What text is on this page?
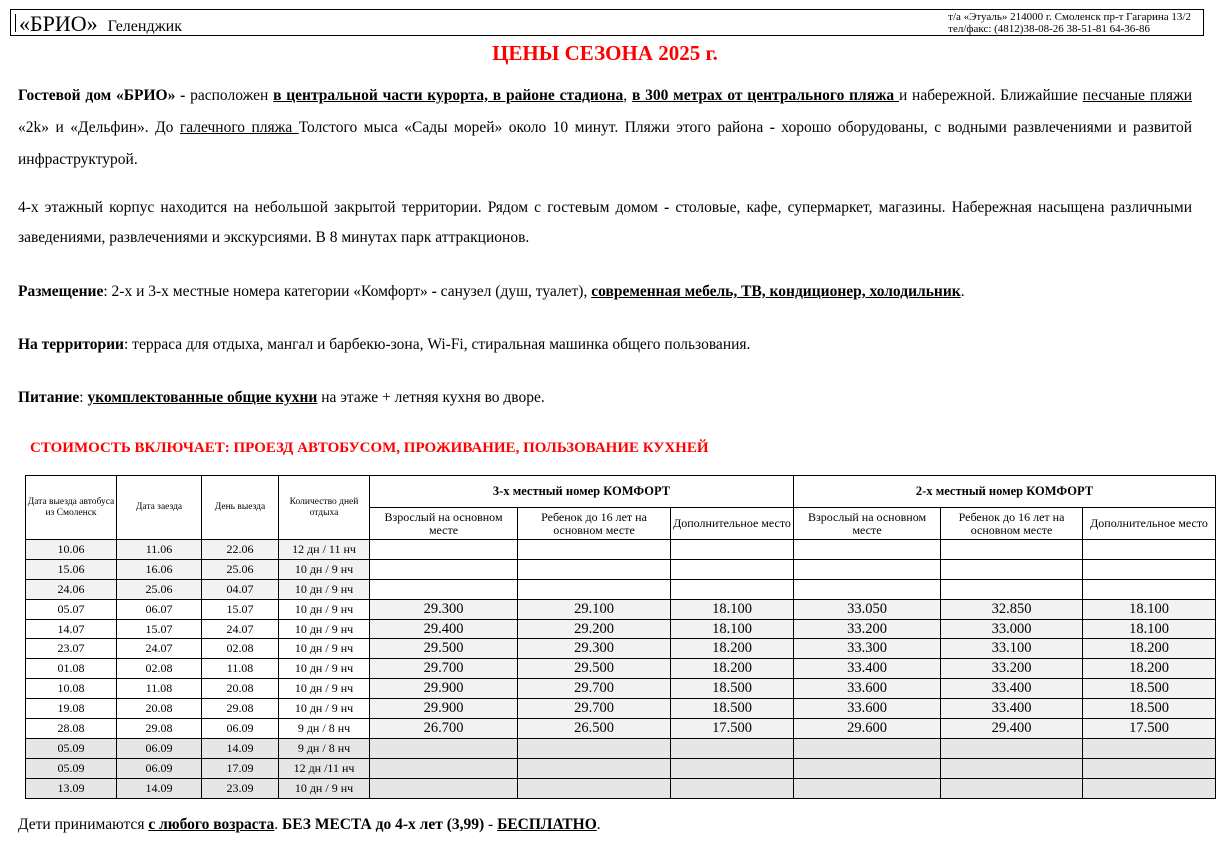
«БРИО» Геленджик
т/а «Этуаль» 214000 г. Смоленск пр-т Гагарина 13/2
тел/факс: (4812)38-08-26 38-51-81 64-36-86
ЦЕНЫ СЕЗОНА 2025 г.
Гостевой дом «БРИО» - расположен в центральной части курорта, в районе стадиона, в 300 метрах от центрального пляжа и набережной. Ближайшие песчаные пляжи «2k» и «Дельфин». До галечного пляжа Толстого мыса «Сады морей» около 10 минут. Пляжи этого района - хорошо оборудованы, с водными развлечениями и развитой инфраструктурой.
4-х этажный корпус находится на небольшой закрытой территории. Рядом с гостевым домом - столовые, кафе, супермаркет, магазины. Набережная насыщена различными заведениями, развлечениями и экскурсиями. В 8 минутах парк аттракционов.
Размещение: 2-х и 3-х местные номера категории «Комфорт» - санузел (душ, туалет), современная мебель, ТВ, кондиционер, холодильник.
На территории: терраса для отдыха, мангал и барбекю-зона, Wi-Fi, стиральная машинка общего пользования.
Питание: укомплектованные общие кухни на этаже + летняя кухня во дворе.
СТОИМОСТЬ ВКЛЮЧАЕТ: ПРОЕЗД АВТОБУСОМ, ПРОЖИВАНИЕ, ПОЛЬЗОВАНИЕ КУХНЕЙ
Дата выезда автобуса из Смоленск	Дата заезда	День выезда	Количество дней отдыха	3-х местный номер КОМФОРТ			2-х местный номер КОМФОРТ		
				Взрослый на основном месте	Ребенок до 16 лет на основном месте	Дополнительное место	Взрослый на основном месте	Ребенок до 16 лет на основном месте	Дополнительное место
10.06	11.06	22.06	12 дн / 11 нч						
15.06	16.06	25.06	10 дн / 9 нч						
24.06	25.06	04.07	10 дн / 9 нч						
05.07	06.07	15.07	10 дн / 9 нч	29.300	29.100	18.100	33.050	32.850	18.100
14.07	15.07	24.07	10 дн / 9 нч	29.400	29.200	18.100	33.200	33.000	18.100
23.07	24.07	02.08	10 дн / 9 нч	29.500	29.300	18.200	33.300	33.100	18.200
01.08	02.08	11.08	10 дн / 9 нч	29.700	29.500	18.200	33.400	33.200	18.200
10.08	11.08	20.08	10 дн / 9 нч	29.900	29.700	18.500	33.600	33.400	18.500
19.08	20.08	29.08	10 дн / 9 нч	29.900	29.700	18.500	33.600	33.400	18.500
28.08	29.08	06.09	9 дн / 8 нч	26.700	26.500	17.500	29.600	29.400	17.500
05.09	06.09	14.09	9 дн / 8 нч						
05.09	06.09	17.09	12 дн /11 нч						
13.09	14.09	23.09	10 дн / 9 нч						
Дети принимаются с любого возраста. БЕЗ МЕСТА до 4-х лет (3,99) - БЕСПЛАТНО.
